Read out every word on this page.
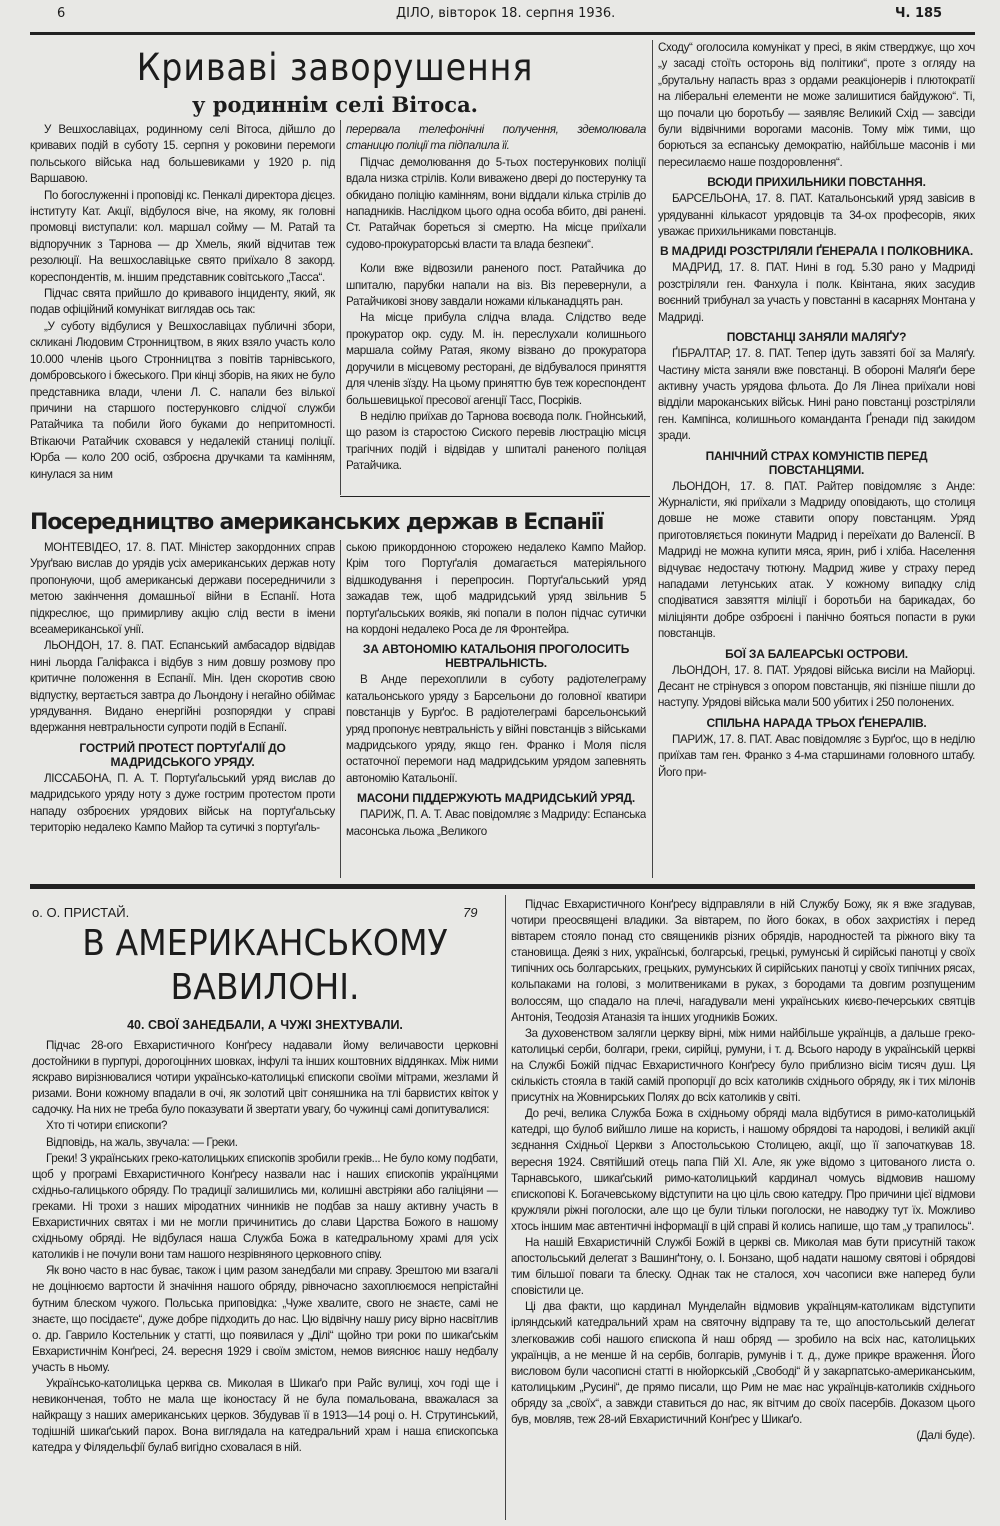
6	ДІЛО, вівторок 18. серпня 1936.	Ч. 185
Криваві заворушення
у родиннім селі Вітоса.

У Вешхославіцах, родинному селі Вітоса, дійшло до кривавих подій в суботу 15. серпня у роковини перемоги польського війська над большевиками у 1920 р. під Варшавою.

По богослуженні і проповіді кс. Пенкалі директора дієцез. інституту Кат. Акції, відбулося віче, на якому, як головні промовці виступали: кол. маршал сойму — М. Ратай та відпоручник з Тарнова — др Хмель, який відчитав теж резолюції. На вешхославіцьке свято приїхало 8 закорд. кореспондентів, м. іншим представник совітського „Тасса“.

Підчас свята прийшло до кривавого інциденту, який, як подав офіційний комунікат виглядав ось так:

„У суботу відбулися у Вешхославіцах публичні збори, скликані Людовим Стронництвом, в яких взяло участь коло 10.000 членів цього Стронництва з повітів тарнівського, домбровського і бжеського. При кінці зборів, на яких не було представника влади, члени Л. С. напали без вілької причини на старшого постерунковго слідчої служби Ратайчика та побили його буками до непритомності. Втікаючи Ратайчик сховався у недалекій станиці поліції. Юрба — коло 200 осіб, озброєна дручками та камінням, кинулася за ним

перервала телефонічні получення, здемолювала станицю поліції та підпалила її.

Підчас демолювання до 5-тьох постерункових поліції вдала низка стрілів. Коли виважено двері до постерунку та обкидано поліцію камінням, вони віддали кілька стрілів до нападників. Наслідком цього одна особа вбито, дві ранені. Ст. Ратайчак бореться зі смертю. На місце приїхали судово-прокураторські власти та влада безпеки“.

Коли вже відвозили раненого пост. Ратайчика до шпиталю, парубки напали на віз. Віз перевернули, а Ратайчикові знову завдали ножами кільканадцять ран.

На місце прибула слідча влада. Слідство веде прокуратор окр. суду. М. ін. переслухали колишнього маршала сойму Ратая, якому візвано до прокуратора доручили в місцевому ресторані, де відбувалося приняття для членів зїзду. На цьому приняттю був теж кореспондент большевицької пресової агенції Тасс, Посріків.

В неділю приїхав до Тарнова воєвода полк. Гнойнський, що разом із старостою Сиского перевів люстрацію місця трагічних подій і відвідав у шпиталі раненого поліцая Ратайчика.

Сходу“ оголосила комунікат у пресі, в якім стверджує, що хоч „у засаді стоїть осторонь від політики“, проте з огляду на „брутальну напасть враз з ордами реакціонерів і плютократії на ліберальні елементи не може залишитися байдужою“. Ті, що почали цю боротьбу — заявляє Великий Схід — завсіди були відвічними ворогами масонів. Тому між тими, що борються за еспанську демократію, найбільше масонів і ми пересилаємо наше поздоровлення“.

ВСЮДИ ПРИХИЛЬНИКИ ПОВСТАННЯ.

БАРСЕЛЬОНА, 17. 8. ПАТ. Катальонський уряд завісив в урядуванні кількасот урядовців та 34-ох професорів, яких уважає прихильниками повстанців.

В МАДРИДІ РОЗСТРІЛЯЛИ ҐЕНЕРАЛА І ПОЛКОВНИКА.

МАДРИД, 17. 8. ПАТ. Нині в год. 5.30 рано у Мадриді розстріляли ген. Фанхула і полк. Квінтана, яких засудив воєнний трибунал за участь у повстанні в касарнях Монтана у Мадриді.

ПОВСТАНЦІ ЗАНЯЛИ МАЛЯҐУ?

ҐІБРАЛТАР, 17. 8. ПАТ. Тепер ідуть завзяті бої за Маляґу. Частину міста заняли вже повстанці. В обороні Маляґи бере активну участь урядова фльота. До Ля Лінеа приїхали нові відділи мароканських військ. Нині рано повстанці розстріляли ген. Кампінса, колишнього команданта Ґренади під закидом зради.

ПАНІЧНИЙ СТРАХ КОМУНІСТІВ ПЕРЕД ПОВСТАНЦЯМИ.

ЛЬОНДОН, 17. 8. ПАТ. Райтер повідомляє з Анде: Журналісти, які приїхали з Мадриду оповідають, що столиця довше не може ставити опору повстанцям. Уряд приготовляється покинути Мадрид і переїхати до Валенсії. В Мадриді не можна купити мяса, ярин, риб і хліба. Населення відчуває недостачу тютюну. Мадрид живе у страху перед нападами летунських атак. У кожному випадку слід сподіватися завзяття міліції і боротьби на барикадах, бо міліціянти добре озброєні і панічно бояться попасти в руки повстанців.

БОЇ ЗА БАЛЕАРСЬКІ ОСТРОВИ.

ЛЬОНДОН, 17. 8. ПАТ. Урядові війська висіли на Майорці. Десант не стрінувся з опором повстанців, які пізніше пішли до наступу. Урядові війська мали 500 убитих і 250 полонених.

СПІЛЬНА НАРАДА ТРЬОХ ҐЕНЕРАЛІВ.

ПАРИЖ, 17. 8. ПАТ. Авас повідомляє з Бурґос, що в неділю приїхав там ген. Франко з 4-ма старшинами головного штабу. Його при-

Посередництво американських держав в Еспанії

МОНТЕВІДЕО, 17. 8. ПАТ. Міністер закордонних справ Уруґваю вислав до урядів усіх американських держав ноту пропонуючи, щоб американські держави посередничили з метою закінчення домашньої війни в Еспанії. Нота підкреслює, що примирливу акцію слід вести в імени всеамериканської унії.

ЛЬОНДОН, 17. 8. ПАТ. Еспанський амбасадор відвідав нині льорда Галіфакса і відбув з ним довшу розмову про критичне положення в Еспанії. Мін. Іден скоротив свою відпустку, вертається завтра до Льондону і негайно обіймає урядування. Видано енергійні розпорядки у справі вдержання невтральности супроти подій в Еспанії.

ГОСТРИЙ ПРОТЕСТ ПОРТУҐАЛІЇ ДО МАДРИДСЬКОГО УРЯДУ.

ЛІССАБОНА, П. А. Т. Портуґальський уряд вислав до мадридського уряду ноту з дуже гострим протестом проти нападу озброєних урядових військ на портуґальську територію недалеко Кампо Майор та сутичкі з портуґаль-

ською прикордонною сторожею недалеко Кампо Майор. Крім того Портуґалія домагається матеріяльного відшкодування і перепросин. Портуґальський уряд зажадав теж, щоб мадридський уряд звільнив 5 портуґальських вояків, які попали в полон підчас сутички на кордоні недалеко Роса де ля Фронтейра.

ЗА АВТОНОМІЮ КАТАЛЬОНІЯ ПРОГОЛОСИТЬ НЕВТРАЛЬНІСТЬ.

В Анде перехоплили в суботу радіотелеграму катальонського уряду з Барсельони до головної кватири повстанців у Бурґос. В радіотелеграмі барсельонський уряд пропонує невтральність у війні повстанців з військами мадридського уряду, якщо ген. Франко і Моля після остаточної перемоги над мадридським урядом запевнять автономію Катальонії.

МАСОНИ ПІДДЕРЖУЮТЬ МАДРИДСЬКИЙ УРЯД.

ПАРИЖ, П. А. Т. Авас повідомляє з Мадриду: Еспанська масонська льожа „Великого

о. О. ПРИСТАЙ.	79
В АМЕРИКАНСЬКОМУ
ВАВИЛОНІ.
40. СВОЇ ЗАНЕДБАЛИ, А ЧУЖІ ЗНЕХТУВАЛИ.

Підчас 28-ого Евхаристичного Конґресу надавали йому величавости церковні достойники в пурпурі, дорогоцінних шовках, інфулі та інших коштовних віддянках. Між ними яскраво вирізнювалися чотири українсько-католицькі єпископи своїми мітрами, жезлами й ризами. Вони кожному впадали в очі, як золотий цвіт соняшника на тлі барвистих квіток у садочку. На них не треба було показувати й звертати увагу, бо чужинці самі допитувалися:

Хто ті чотири єпископи?

Відповідь, на жаль, звучала: — Греки.

Греки! З українських греко-католицьких єпископів зробили греків... Не було кому подбати, щоб у програмі Евхаристичного Конґресу назвали нас і наших єпископів українцями східньо-галицького обряду. По традиції залишились ми, колишні австріяки або галіціяни — греками. Ні трохи з наших міродатних чинників не подбав за нашу активну участь в Евхаристичних святах і ми не могли причинитись до слави Царства Божого в нашому східньому обряді. Не відбулася наша Служба Божа в катедральному храмі для усіх католиків і не почули вони там нашого незрівняного церковного співу.

Як воно часто в нас буває, також і цим разом занедбали ми справу. Зрештою ми взагалі не доцінюємо вартости й значіння нашого обряду, рівночасно захоплюємося непрістайні бутним блеском чужого. Польська приповідка: „Чуже хвалите, свого не знаєте, самі не знаєте, що посідаєте“, дуже добре підходить до нас. Цю відвічну нашу рису вірно насвітлив о. др. Гаврило Костельник у статті, що появилася у „Ділі“ щойно три роки по шикаґськім Евхаристичнім Конґресі, 24. вересня 1929 і своїм змістом, немов вияснює нашу недбалу участь в ньому.

Українсько-католицька церква св. Миколая в Шикаґо при Райс вулиці, хоч годі ще і невиконченая, тобто не мала ще іконостасу й не була помальована, вважалася за найкращу з наших американських церков. Збудував її в 1913—14 році о. Н. Струтинський, тодішній шикаґський парох. Вона виглядала на катедральний храм і наша єпископська катедра у Філядельфії булаб вигідно сховалася в ній.

Підчас Евхаристичного Конґресу відправляли в ній Службу Божу, як я вже згадував, чотири преосвящені владики. За вівтарем, по його боках, в обох захристіях і перед вівтарем стояло понад сто священиків різних обрядів, народностей та ріжного віку та становища. Деякі з них, українські, болгарські, грецькі, румунські й сирійські панотці у своїх типічних ось болгарських, грецьких, румунських й сирійських панотці у своїх типічних рясах, кольпаками на голові, з молитвениками в руках, з бородами та довгим розпущеним волоссям, що спадало на плечі, нагадували мені українських києво-печерських святців Антонія, Теодозія Атаназія та інших угодників Божих.

За духовенством залягли церкву вірні, між ними найбільше українців, а дальше греко-католицькі серби, болгари, греки, сирійці, румуни, і т. д. Всього народу в українській церкві на Службі Божій підчас Евхаристичного Конґресу було приблизно вісім тисяч душ. Ця скількість стояла в такій самій пропорції до всіх католиків східнього обряду, як і тих мілонів присутніх на Жовнирських Полях до всіх католиків у світі.

До речі, велика Служба Божа в східньому обряді мала відбутися в римо-католицькій катедрі, що булоб вийшло лише на користь, і нашому обрядові та народові, і великій акції зєднання Східньої Церкви з Апостольською Столицею, акції, що її започаткував 18. вересня 1924. Святійший отець папа Пій XI. Але, як уже відомо з цитованого листа о. Тарнавського, шикаґський римо-католицький кардинал чомусь відмовив нашому єпископові К. Богачевському відступити на цю ціль свою катедру. Про причини цієї відмови кружляли ріжні поголоски, але що це були тільки поголоски, не наводжу тут їх. Можливо хтось іншим має автентичні інформації в цій справі й колись напише, що там „у трапилось“.

На нашій Евхаристичній Службі Божій в церкві св. Миколая мав бути присутній також апостольський делегат з Вашинґтону, о. І. Бонзано, щоб надати нашому святові і обрядові тим більшої поваги та блеску. Однак так не сталося, хоч часописи вже наперед були сповістили це.

Ці два факти, що кардинал Мунделайн відмовив українцям-католикам відступити ірляндський катедральний храм на святочну відправу та те, що апостольський делегат злегковажив собі нашого єпископа й наш обряд — зробило на всіх нас, католицьких українців, а не менше й на сербів, болгарів, румунів і т. д., дуже прикре враження. Його висловом були часописні статті в нюйоркській „Свободі“ й у закарпатсько-американським, католицьким „Русині“, де прямо писали, що Рим не має нас українців-католиків східнього обряду за „своїх“, а завжди ставиться до нас, як вітчим до своїх пасербів. Доказом цього був, мовляв, теж 28-ий Евхаристичний Конґрес у Шикаґо.

(Далі буде).
